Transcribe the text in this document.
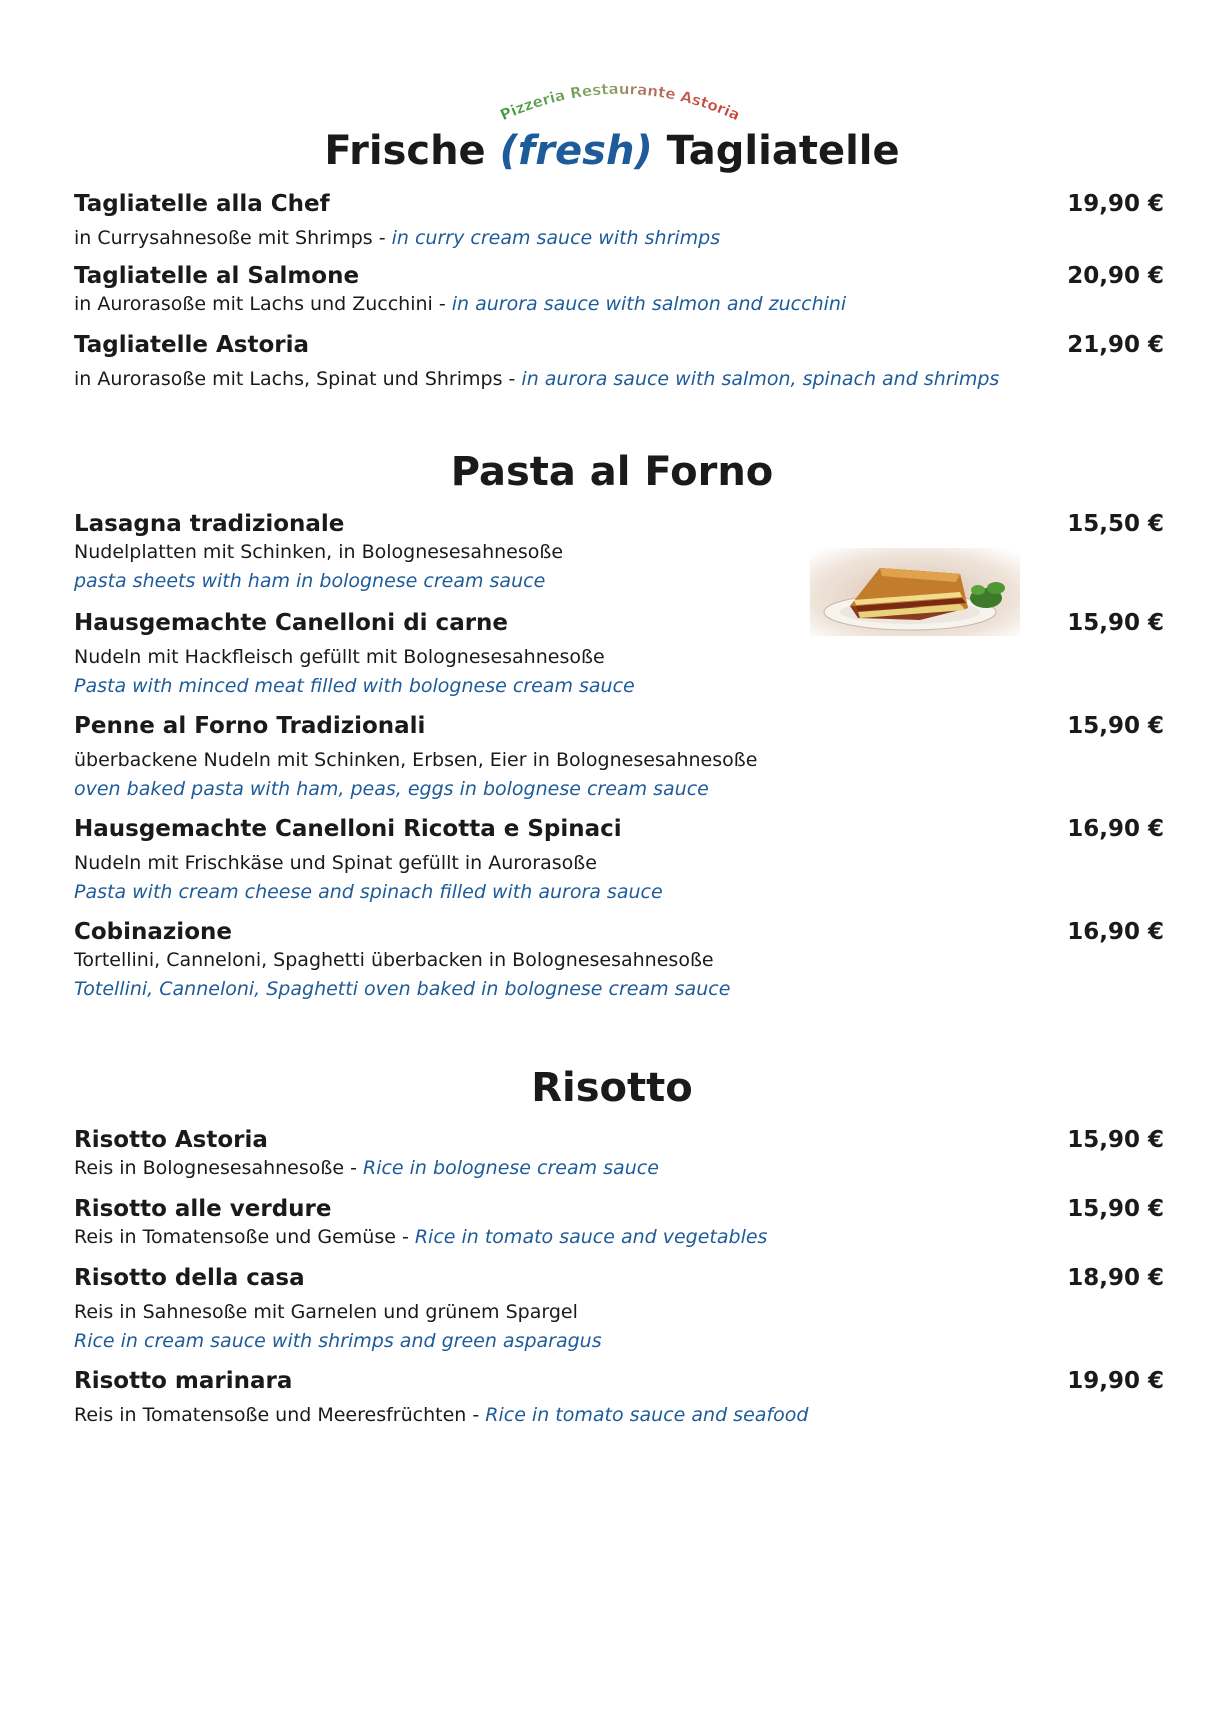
Pizzeria Restaurante Astoria
Frische (fresh) Tagliatelle
Tagliatelle alla Chef	19,90 €
in Currysahnesoße mit Shrimps - in curry cream sauce with shrimps
Tagliatelle al Salmone	20,90 €
in Aurorasoße mit Lachs und Zucchini - in aurora sauce with salmon and zucchini
Tagliatelle Astoria	21,90 €
in Aurorasoße mit Lachs, Spinat und Shrimps - in aurora sauce with salmon, spinach and shrimps
Pasta al Forno
Lasagna tradizionale	15,50 €
Nudelplatten mit Schinken, in Bolognesesahnesoße
pasta sheets with ham in bolognese cream sauce
Hausgemachte Canelloni di carne	15,90 €
Nudeln mit Hackfleisch gefüllt mit Bolognesesahnesoße
Pasta with minced meat filled with bolognese cream sauce
Penne al Forno Tradizionali	15,90 €
überbackene Nudeln mit Schinken, Erbsen, Eier in Bolognesesahnesoße
oven baked pasta with ham, peas, eggs in bolognese cream sauce
Hausgemachte Canelloni Ricotta e Spinaci	16,90 €
Nudeln mit Frischkäse und Spinat gefüllt in Aurorasoße
Pasta with cream cheese and spinach filled with aurora sauce
Cobinazione	16,90 €
Tortellini, Canneloni, Spaghetti überbacken in Bolognesesahnesoße
Totellini, Canneloni, Spaghetti oven baked in bolognese cream sauce
Risotto
Risotto Astoria	15,90 €
Reis in Bolognesesahnesoße - Rice in bolognese cream sauce
Risotto alle verdure	15,90 €
Reis in Tomatensoße und Gemüse - Rice in tomato sauce and vegetables
Risotto della casa	18,90 €
Reis in Sahnesoße mit Garnelen und grünem Spargel
Rice in cream sauce with shrimps and green asparagus
Risotto marinara	19,90 €
Reis in Tomatensoße und Meeresfrüchten - Rice in tomato sauce and seafood
